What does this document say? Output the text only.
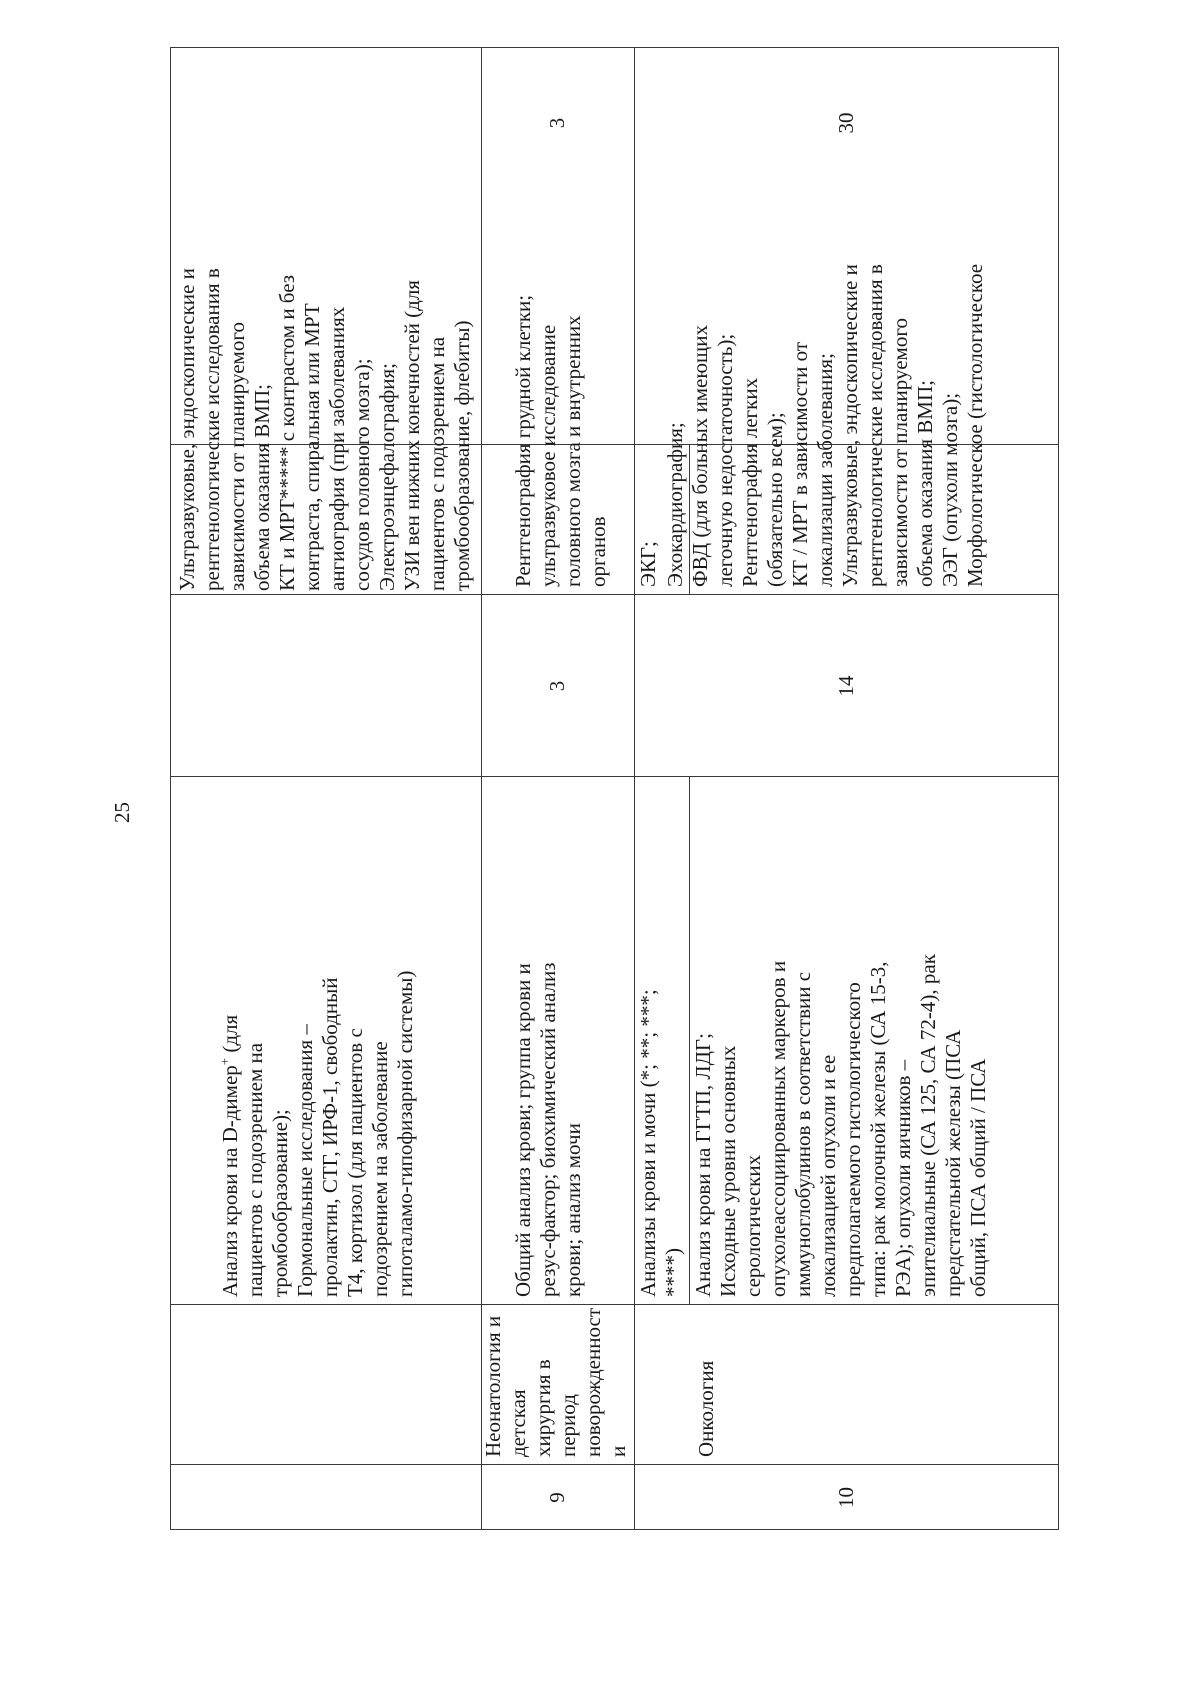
25
Анализ крови на D-димер+ (для
пациентов с подозрением на тромбообразование); Гормональные исследования – пролактин, СТГ, ИРФ-1, свободный Т4, кортизол (для пациентов с подозрением на заболевание гипоталамо-гипофизарной системы)
Ультразвуковые, эндоскопические и рентгенологические исследования в зависимости от планируемого объема оказания ВМП; КТ и МРТ***** с контрастом и без контраста, спиральная или МРТ ангиография (при заболеваниях сосудов головного мозга); Электроэнцефалография; УЗИ вен нижних конечностей (для пациентов с подозрением на тромбообразование, флебиты)
9
Неонатология и детская хирургия в период новорожденност и
Общий анализ крови; группа крови и резус-фактор; биохимический анализ крови; анализ мочи
3
Рентгенография грудной клетки; ультразвуковое исследование головного мозга и внутренних органов
3
10
Онкология
Анализы крови и мочи (*; **; ***; ****) Анализ крови на ГГТП, ЛДГ; Исходные уровни основных серологических опухолеассоциированных маркеров и иммуноглобулинов в соответствии с локализацией опухоли и ее предполагаемого гистологического типа: рак молочной железы (СА 15-3, РЭА); опухоли яичников – эпителиальные (СА 125, СА 72-4), рак предстательной железы (ПСА общий, ПСА общий / ПСА
14
ЭКГ; Эхокардиография; ФВД (для больных имеющих легочную недостаточность); Рентгенография легких (обязательно всем); КТ / МРТ в зависимости от локализации заболевания; Ультразвуковые, эндоскопические и рентгенологические исследования в зависимости от планируемого объема оказания ВМП; ЭЭГ (опухоли мозга); Морфологическое (гистологическое
30
